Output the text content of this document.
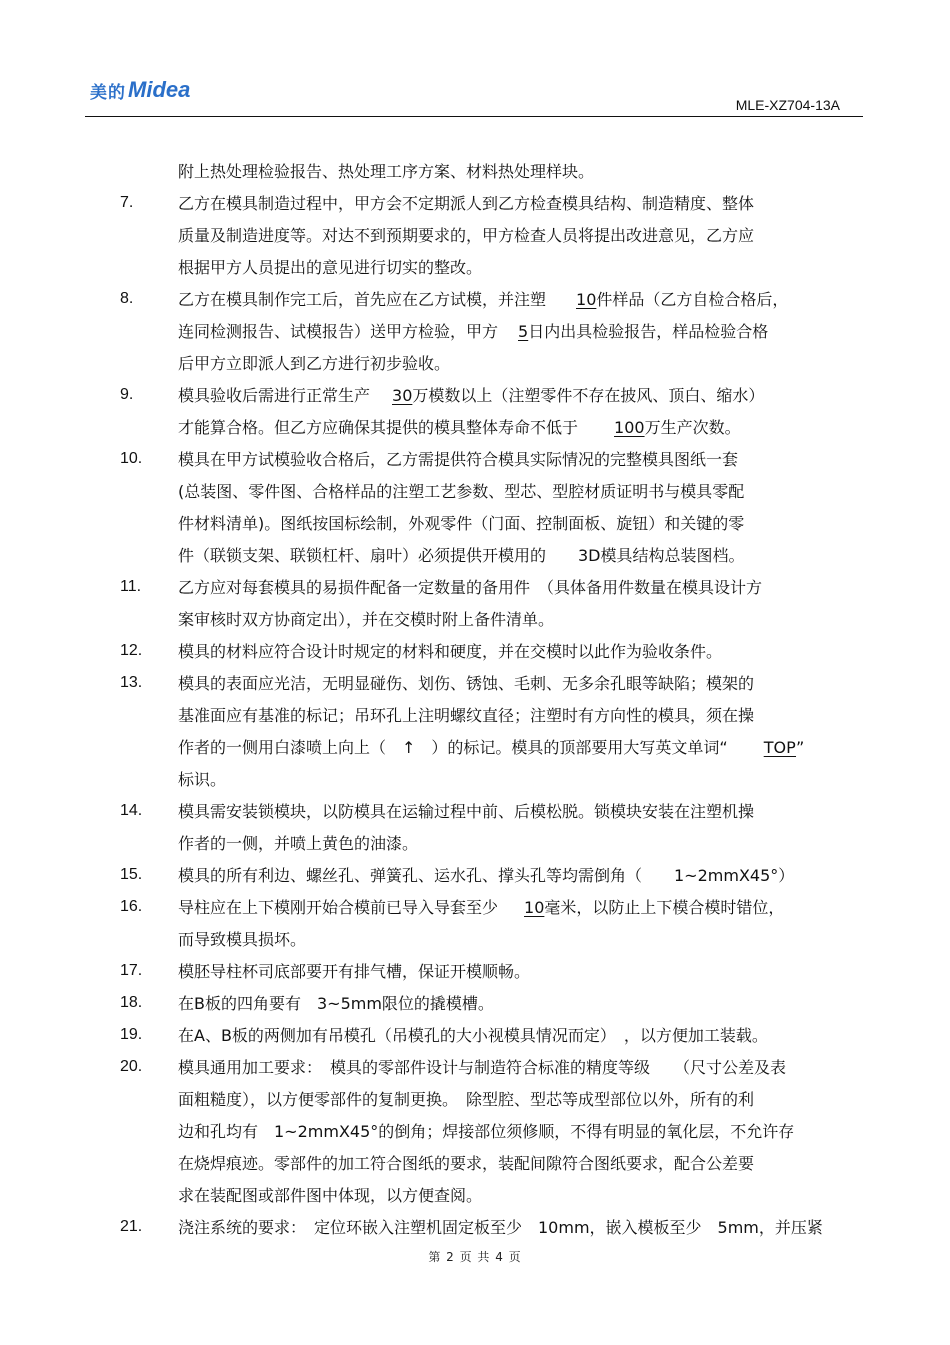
美的 Midea
MLE-XZ704-13A
附上热处理检验报告、热处理工序方案、材料热处理样块。
7.	乙方在模具制造过程中，甲方会不定期派人到乙方检查模具结构、制造精度、整体
质量及制造进度等。对达不到预期要求的，甲方检查人员将提出改进意见，乙方应
根据甲方人员提出的意见进行切实的整改。
8.	乙方在模具制作完工后，首先应在乙方试模，并注塑 10件样品（乙方自检合格后，
连同检测报告、试模报告）送甲方检验，甲方 5日内出具检验报告，样品检验合格
后甲方立即派人到乙方进行初步验收。
9.	模具验收后需进行正常生产 30万模数以上（注塑零件不存在披风、顶白、缩水）
才能算合格。但乙方应确保其提供的模具整体寿命不低于 100万生产次数。
10. 模具在甲方试模验收合格后，乙方需提供符合模具实际情况的完整模具图纸一套
(总装图、零件图、合格样品的注塑工艺参数、型芯、型腔材质证明书与模具零配
件材料清单)。图纸按国标绘制，外观零件（门面、控制面板、旋钮）和关键的零
件（联锁支架、联锁杠杆、扇叶）必须提供开模用的　　3D模具结构总装图档。
11. 乙方应对每套模具的易损件配备一定数量的备用件　（具体备用件数量在模具设计方
案审核时双方协商定出），并在交模时附上备件清单。
12. 模具的材料应符合设计时规定的材料和硬度，并在交模时以此作为验收条件。
13. 模具的表面应光洁，无明显碰伤、划伤、锈蚀、毛刺、无多余孔眼等缺陷；模架的
基准面应有基准的标记；吊环孔上注明螺纹直径；注塑时有方向性的模具，须在操
作者的一侧用白漆喷上向上（　↑　）的标记。模具的顶部要用大写英文单词“ TOP”
标识。
14. 模具需安装锁模块，以防模具在运输过程中前、后模松脱。锁模块安装在注塑机操
作者的一侧，并喷上黄色的油漆。
15. 模具的所有利边、螺丝孔、弹簧孔、运水孔、撑头孔等均需倒角（　　1~2mmX45°）
16. 导柱应在上下模刚开始合模前已导入导套至少 10毫米，以防止上下模合模时错位，
而导致模具损坏。
17. 模胚导柱杯司底部要开有排气槽，保证开模顺畅。
18. 在B板的四角要有　3~5mm限位的撬模槽。
19. 在A、B板的两侧加有吊模孔（吊模孔的大小视模具情况而定）　，以方便加工装载。
20. 模具通用加工要求：　模具的零部件设计与制造符合标准的精度等级　　（尺寸公差及表
面粗糙度），以方便零部件的复制更换。　除型腔、型芯等成型部位以外，所有的利
边和孔均有　1~2mmX45°的倒角；焊接部位须修顺，不得有明显的氧化层，不允许存
在烧焊痕迹。零部件的加工符合图纸的要求，装配间隙符合图纸要求，配合公差要
求在装配图或部件图中体现，以方便查阅。
21. 浇注系统的要求：　定位环嵌入注塑机固定板至少　10mm，嵌入模板至少　5mm，并压紧
第 2 页 共 4 页
